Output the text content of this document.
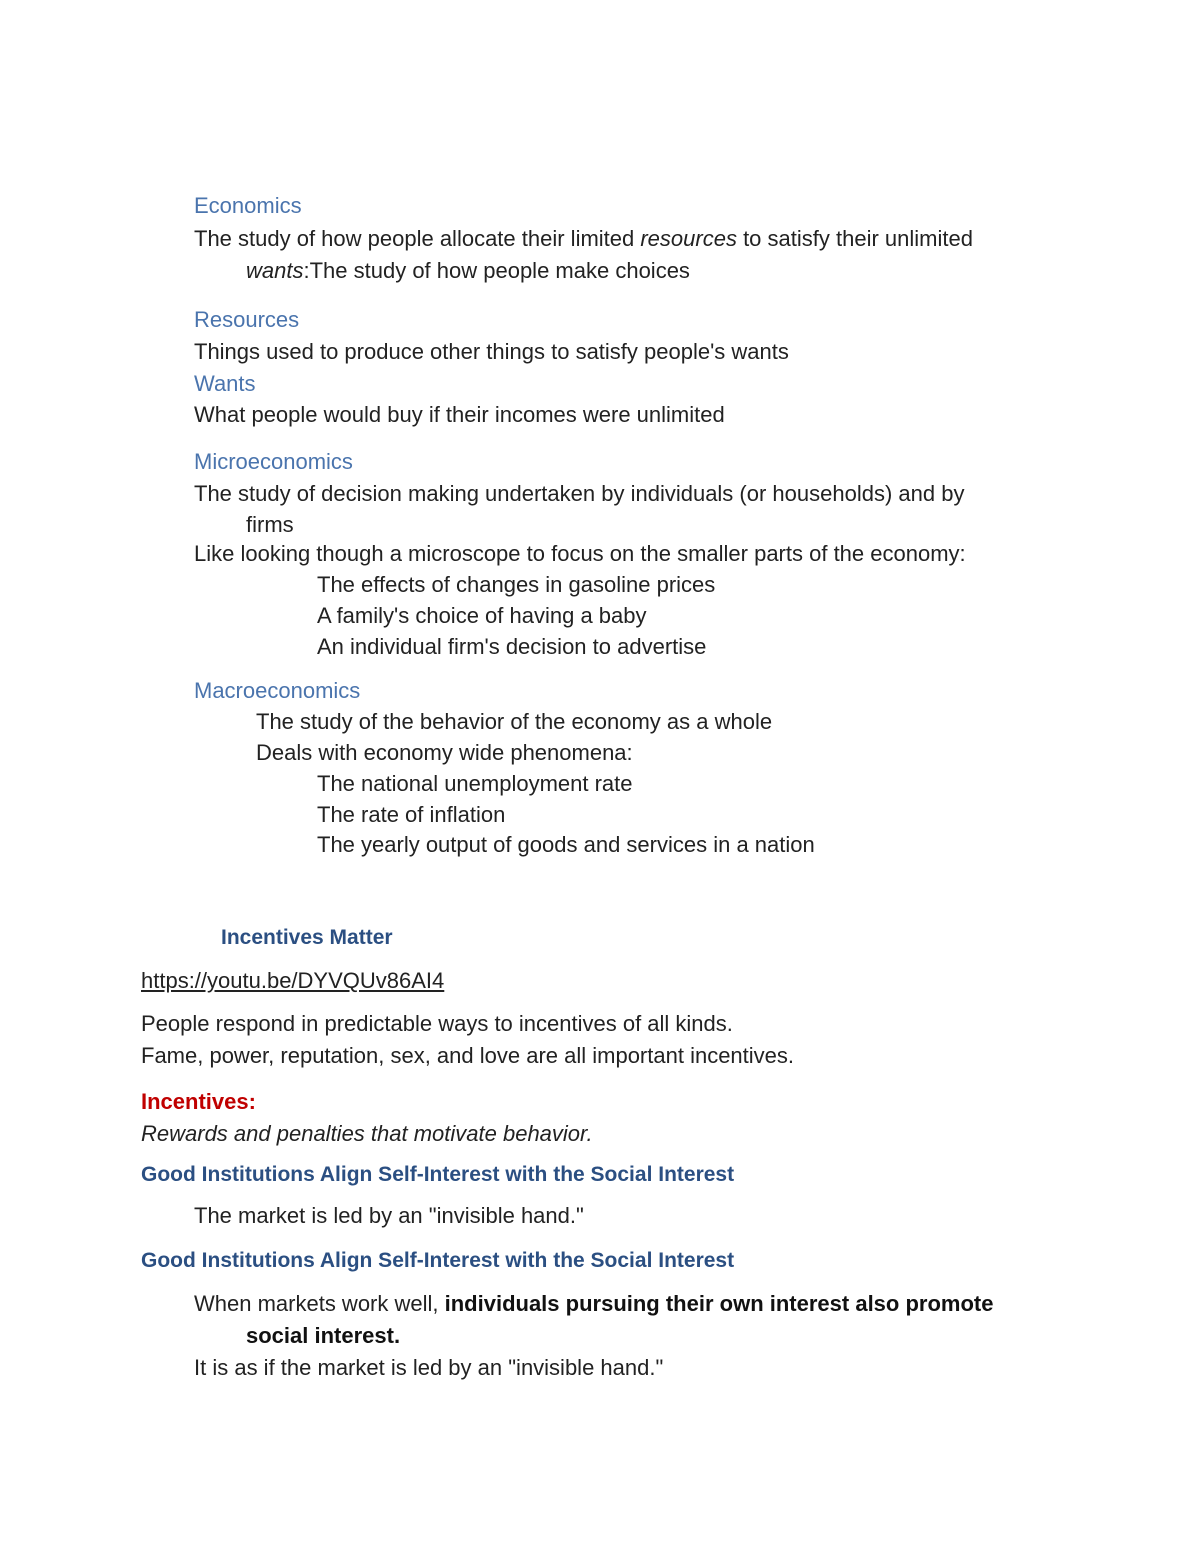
Economics
The study of how people allocate their limited resources to satisfy their unlimited
wants:The study of how people make choices
Resources
Things used to produce other things to satisfy people's wants
Wants
What people would buy if their incomes were unlimited
Microeconomics
The study of decision making undertaken by individuals (or households) and by
firms
Like looking though a microscope to focus on the smaller parts of the economy:
The effects of changes in gasoline prices
A family's choice of having a baby
An individual firm's decision to advertise
Macroeconomics
The study of the behavior of the economy as a whole
Deals with economy wide phenomena:
The national unemployment rate
The rate of inflation
The yearly output of goods and services in a nation
Incentives Matter
https://youtu.be/DYVQUv86AI4
People respond in predictable ways to incentives of all kinds.
Fame, power, reputation, sex, and love are all important incentives.
Incentives:
Rewards and penalties that motivate behavior.
Good Institutions Align Self-Interest with the Social Interest
The market is led by an "invisible hand."
Good Institutions Align Self-Interest with the Social Interest
When markets work well, individuals pursuing their own interest also promote
social interest.
It is as if the market is led by an "invisible hand."
